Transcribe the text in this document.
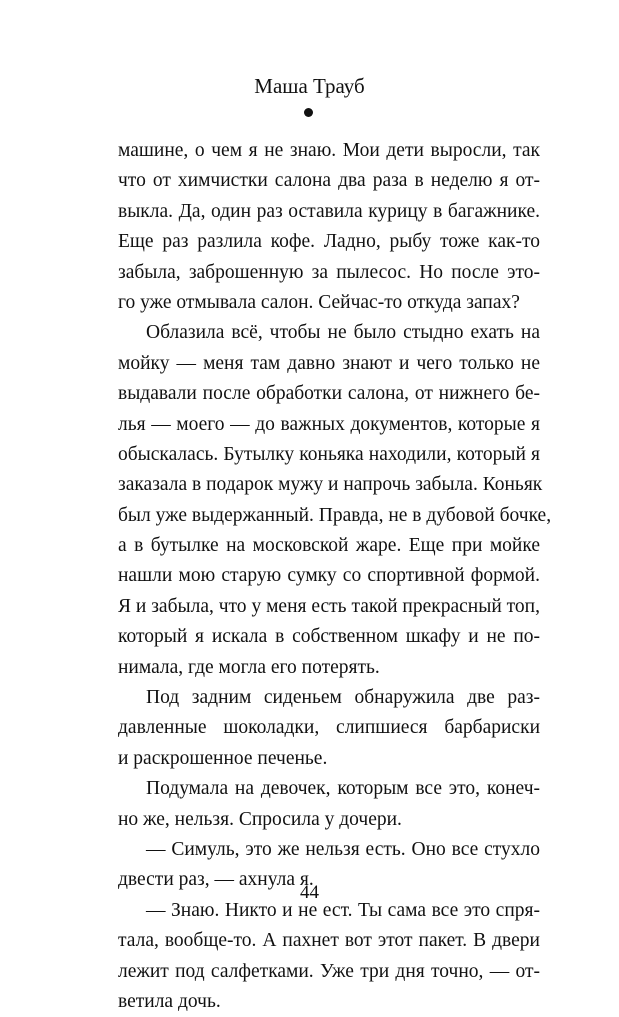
Маша Трауб
машине, о чем я не знаю. Мои дети выросли, так
что от химчистки салона два раза в неделю я от-
выкла. Да, один раз оставила курицу в багажнике.
Еще раз разлила кофе. Ладно, рыбу тоже как-то
забыла, заброшенную за пылесос. Но после это-
го уже отмывала салон. Сейчас-то откуда запах?
Облазила всё, чтобы не было стыдно ехать на
мойку — меня там давно знают и чего только не
выдавали после обработки салона, от нижнего бе-
лья — моего — до важных документов, которые я
обыскалась. Бутылку коньяка находили, который я
заказала в подарок мужу и напрочь забыла. Коньяк
был уже выдержанный. Правда, не в дубовой бочке,
а в бутылке на московской жаре. Еще при мойке
нашли мою старую сумку со спортивной формой.
Я и забыла, что у меня есть такой прекрасный топ,
который я искала в собственном шкафу и не по-
нимала, где могла его потерять.
Под задним сиденьем обнаружила две раз-
давленные шоколадки, слипшиеся барбариски
и раскрошенное печенье.
Подумала на девочек, которым все это, конеч-
но же, нельзя. Спросила у дочери.
— Симуль, это же нельзя есть. Оно все стухло
двести раз, — ахнула я.
— Знаю. Никто и не ест. Ты сама все это спря-
тала, вообще-то. А пахнет вот этот пакет. В двери
лежит под салфетками. Уже три дня точно, — от-
ветила дочь.
44
